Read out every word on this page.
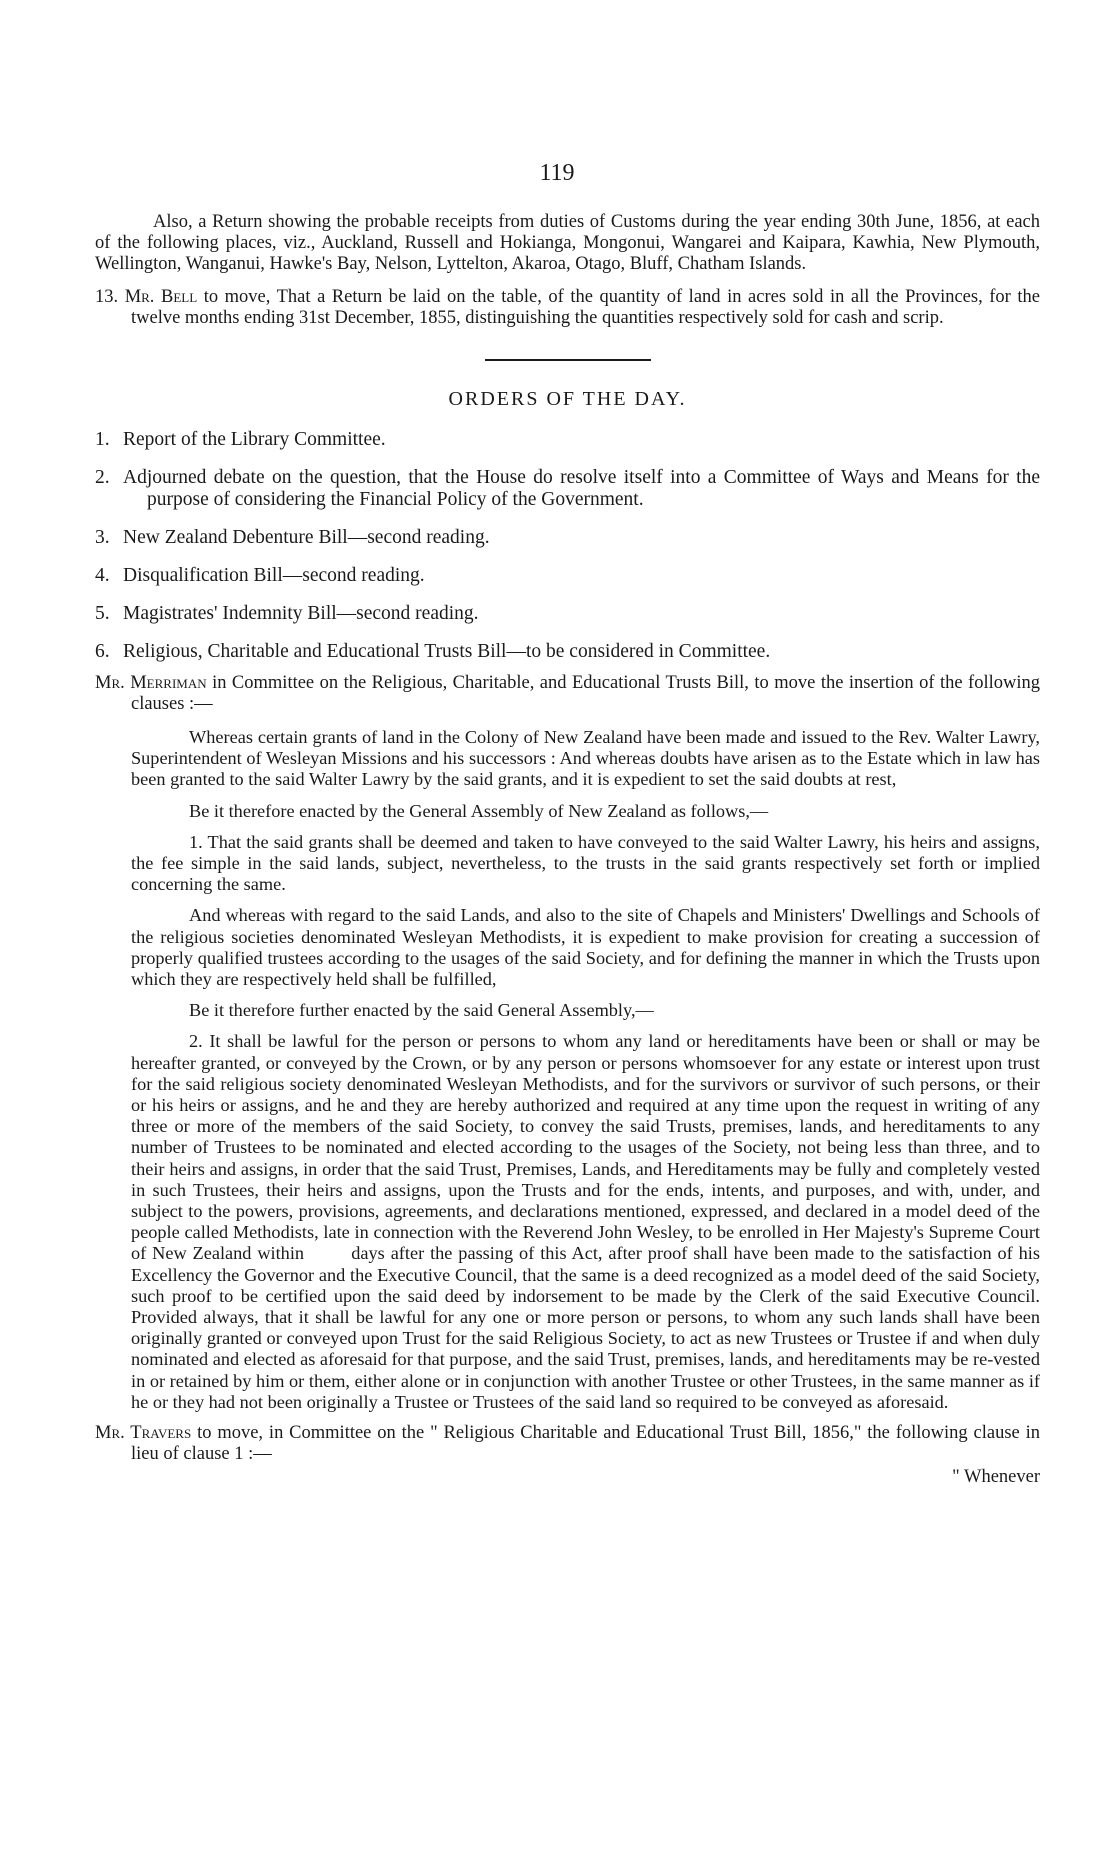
119

Also, a Return showing the probable receipts from duties of Customs during the year ending 30th June, 1856, at each of the following places, viz., Auckland, Russell and Hokianga, Mongonui, Wangarei and Kaipara, Kawhia, New Plymouth, Wellington, Wanganui, Hawke's Bay, Nelson, Lyttelton, Akaroa, Otago, Bluff, Chatham Islands.

13. Mr. Bell to move, That a Return be laid on the table, of the quantity of land in acres sold in all the Provinces, for the twelve months ending 31st December, 1855, distinguishing the quantities respectively sold for cash and scrip.

ORDERS OF THE DAY.
1. Report of the Library Committee.
2. Adjourned debate on the question, that the House do resolve itself into a Committee of Ways and Means for the purpose of considering the Financial Policy of the Government.
3. New Zealand Debenture Bill—second reading.
4. Disqualification Bill—second reading.
5. Magistrates' Indemnity Bill—second reading.
6. Religious, Charitable and Educational Trusts Bill—to be considered in Committee.

Mr. Merriman in Committee on the Religious, Charitable, and Educational Trusts Bill, to move the insertion of the following clauses :—

Whereas certain grants of land in the Colony of New Zealand have been made and issued to the Rev. Walter Lawry, Superintendent of Wesleyan Missions and his successors : And whereas doubts have arisen as to the Estate which in law has been granted to the said Walter Lawry by the said grants, and it is expedient to set the said doubts at rest,

Be it therefore enacted by the General Assembly of New Zealand as follows,—

1. That the said grants shall be deemed and taken to have conveyed to the said Walter Lawry, his heirs and assigns, the fee simple in the said lands, subject, nevertheless, to the trusts in the said grants respectively set forth or implied concerning the same.

And whereas with regard to the said Lands, and also to the site of Chapels and Ministers' Dwellings and Schools of the religious societies denominated Wesleyan Methodists, it is expedient to make provision for creating a succession of properly qualified trustees according to the usages of the said Society, and for defining the manner in which the Trusts upon which they are respectively held shall be fulfilled,

Be it therefore further enacted by the said General Assembly,—

2. It shall be lawful for the person or persons to whom any land or hereditaments have been or shall or may be hereafter granted, or conveyed by the Crown, or by any person or persons whomsoever for any estate or interest upon trust for the said religious society denominated Wesleyan Methodists, and for the survivors or survivor of such persons, or their or his heirs or assigns, and he and they are hereby authorized and required at any time upon the request in writing of any three or more of the members of the said Society, to convey the said Trusts, premises, lands, and hereditaments to any number of Trustees to be nominated and elected according to the usages of the Society, not being less than three, and to their heirs and assigns, in order that the said Trust, Premises, Lands, and Hereditaments may be fully and completely vested in such Trustees, their heirs and assigns, upon the Trusts and for the ends, intents, and purposes, and with, under, and subject to the powers, provisions, agreements, and declarations mentioned, expressed, and declared in a model deed of the people called Methodists, late in connection with the Reverend John Wesley, to be enrolled in Her Majesty's Supreme Court of New Zealand within        days after the passing of this Act, after proof shall have been made to the satisfaction of his Excellency the Governor and the Executive Council, that the same is a deed recognized as a model deed of the said Society, such proof to be certified upon the said deed by indorsement to be made by the Clerk of the said Executive Council. Provided always, that it shall be lawful for any one or more person or persons, to whom any such lands shall have been originally granted or conveyed upon Trust for the said Religious Society, to act as new Trustees or Trustee if and when duly nominated and elected as aforesaid for that purpose, and the said Trust, premises, lands, and hereditaments may be re-vested in or retained by him or them, either alone or in conjunction with another Trustee or other Trustees, in the same manner as if he or they had not been originally a Trustee or Trustees of the said land so required to be conveyed as aforesaid.

Mr. Travers to move, in Committee on the " Religious Charitable and Educational Trust Bill, 1856," the following clause in lieu of clause 1 :—

" Whenever
